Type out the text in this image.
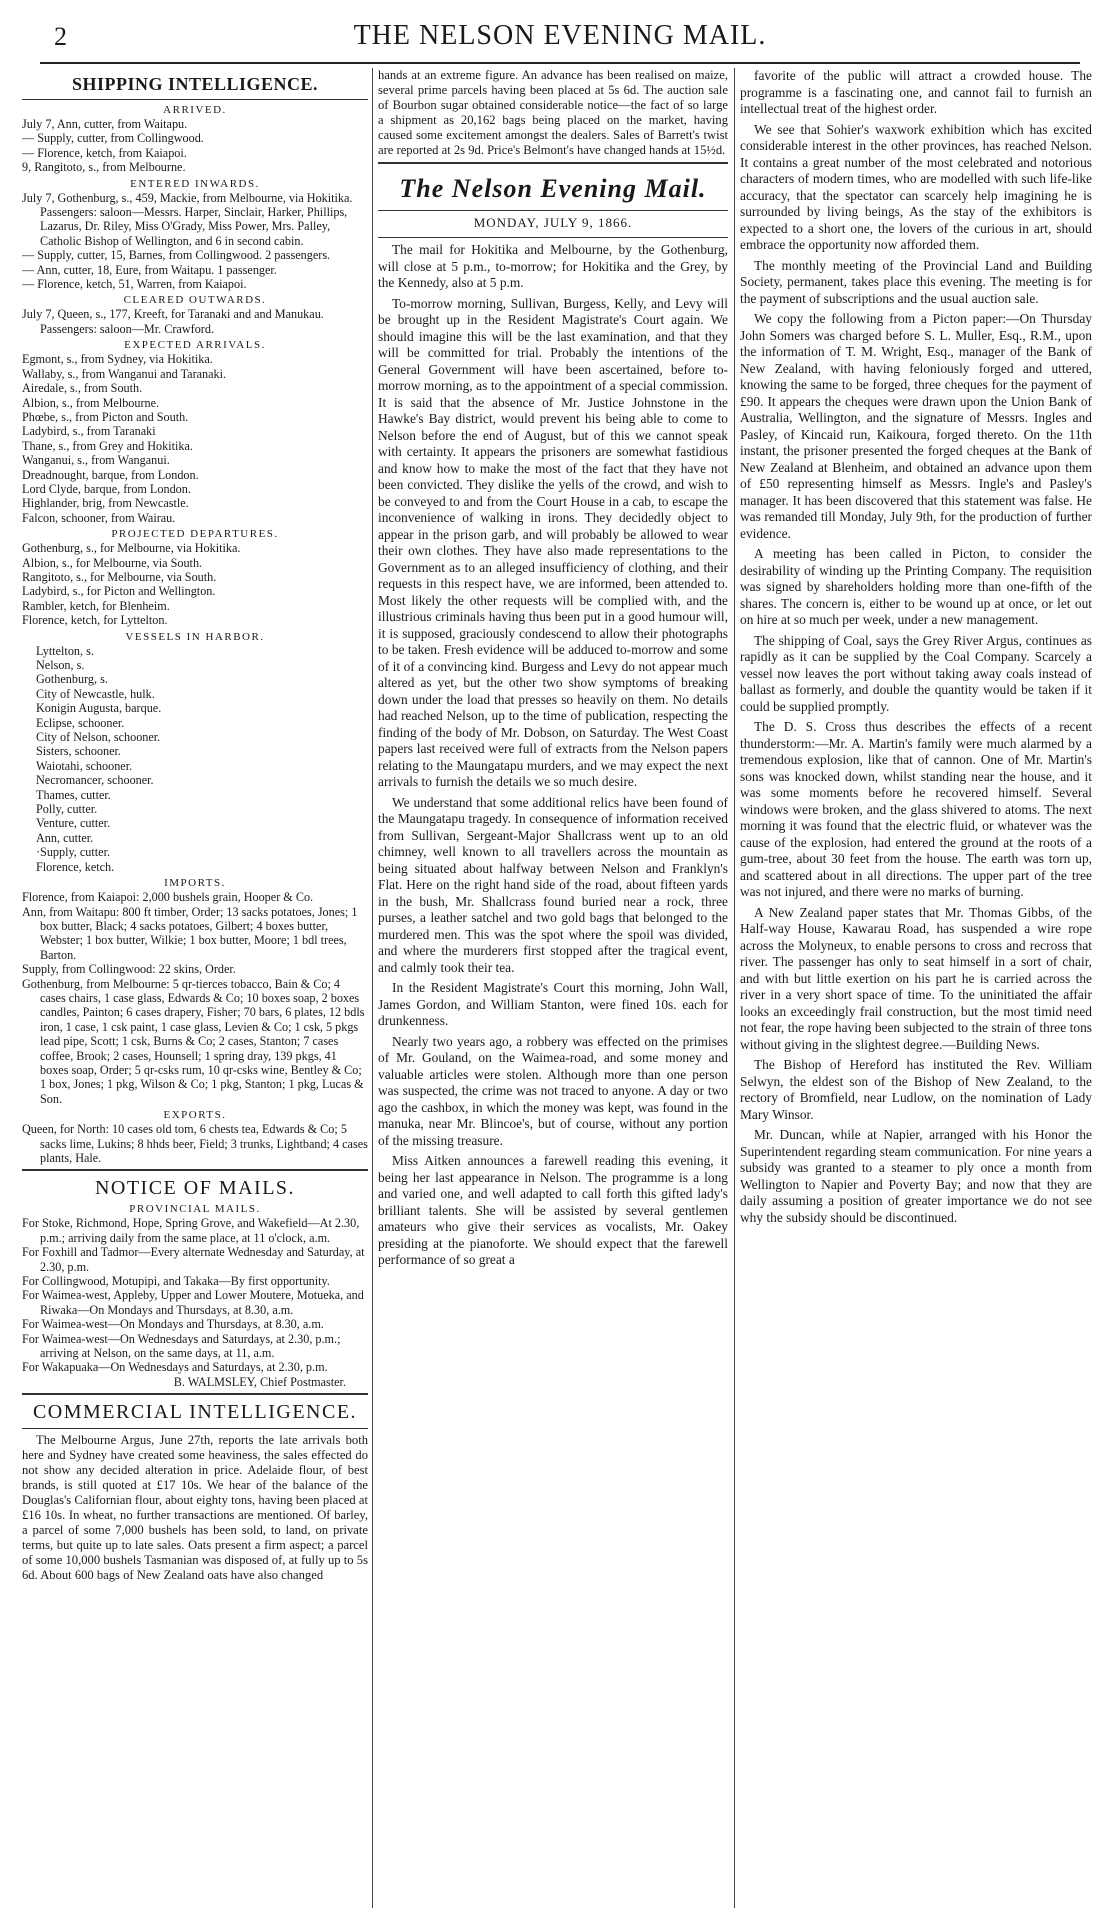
2	THE NELSON EVENING MAIL.
SHIPPING INTELLIGENCE.
ARRIVED.

July 7, Ann, cutter, from Waitapu.

— Supply, cutter, from Collingwood.

— Florence, ketch, from Kaiapoi.

9, Rangitoto, s., from Melbourne.

ENTERED INWARDS.

July 7, Gothenburg, s., 459, Mackie, from Melbourne, via Hokitika. Passengers: saloon—Messrs. Harper, Sinclair, Harker, Phillips, Lazarus, Dr. Riley, Miss O'Grady, Miss Power, Mrs. Palley, Catholic Bishop of Wellington, and 6 in second cabin.

— Supply, cutter, 15, Barnes, from Collingwood. 2 passengers.

— Ann, cutter, 18, Eure, from Waitapu. 1 passenger.

— Florence, ketch, 51, Warren, from Kaiapoi.

CLEARED OUTWARDS.

July 7, Queen, s., 177, Kreeft, for Taranaki and and Manukau. Passengers: saloon—Mr. Crawford.

EXPECTED ARRIVALS.

Egmont, s., from Sydney, via Hokitika.

Wallaby, s., from Wanganui and Taranaki.

Airedale, s., from South.

Albion, s., from Melbourne.

Phœbe, s., from Picton and South.

Ladybird, s., from Taranaki

Thane, s., from Grey and Hokitika.

Wanganui, s., from Wanganui.

Dreadnought, barque, from London.

Lord Clyde, barque, from London.

Highlander, brig, from Newcastle.

Falcon, schooner, from Wairau.

PROJECTED DEPARTURES.

Gothenburg, s., for Melbourne, via Hokitika.

Albion, s., for Melbourne, via South.

Rangitoto, s., for Melbourne, via South.

Ladybird, s., for Picton and Wellington.

Rambler, ketch, for Blenheim.

Florence, ketch, for Lyttelton.

VESSELS IN HARBOR.

Lyttelton, s.

Nelson, s.

Gothenburg, s.

City of Newcastle, hulk.

Konigin Augusta, barque.

Eclipse, schooner.

City of Nelson, schooner.

Sisters, schooner.

Waiotahi, schooner.

Necromancer, schooner.

Thames, cutter.

Polly, cutter.

Venture, cutter.

Ann, cutter.

·Supply, cutter.

Florence, ketch.

IMPORTS.

Florence, from Kaiapoi: 2,000 bushels grain, Hooper & Co.

Ann, from Waitapu: 800 ft timber, Order; 13 sacks potatoes, Jones; 1 box butter, Black; 4 sacks potatoes, Gilbert; 4 boxes butter, Webster; 1 box butter, Wilkie; 1 box butter, Moore; 1 bdl trees, Barton.

Supply, from Collingwood: 22 skins, Order.

Gothenburg, from Melbourne: 5 qr-tierces tobacco, Bain & Co; 4 cases chairs, 1 case glass, Edwards & Co; 10 boxes soap, 2 boxes candles, Painton; 6 cases drapery, Fisher; 70 bars, 6 plates, 12 bdls iron, 1 case, 1 csk paint, 1 case glass, Levien & Co; 1 csk, 5 pkgs lead pipe, Scott; 1 csk, Burns & Co; 2 cases, Stanton; 7 cases coffee, Brook; 2 cases, Hounsell; 1 spring dray, 139 pkgs, 41 boxes soap, Order; 5 qr-csks rum, 10 qr-csks wine, Bentley & Co; 1 box, Jones; 1 pkg, Wilson & Co; 1 pkg, Stanton; 1 pkg, Lucas & Son.

EXPORTS.

Queen, for North: 10 cases old tom, 6 chests tea, Edwards & Co; 5 sacks lime, Lukins; 8 hhds beer, Field; 3 trunks, Lightband; 4 cases plants, Hale.

NOTICE OF MAILS.
PROVINCIAL MAILS.

For Stoke, Richmond, Hope, Spring Grove, and Wakefield—At 2.30, p.m.; arriving daily from the same place, at 11 o'clock, a.m.

For Foxhill and Tadmor—Every alternate Wednesday and Saturday, at 2.30, p.m.

For Collingwood, Motupipi, and Takaka—By first opportunity.

For Waimea-west, Appleby, Upper and Lower Moutere, Motueka, and Riwaka—On Mondays and Thursdays, at 8.30, a.m.

For Waimea-west—On Mondays and Thursdays, at 8.30, a.m.

For Waimea-west—On Wednesdays and Saturdays, at 2.30, p.m.; arriving at Nelson, on the same days, at 11, a.m.

For Wakapuaka—On Wednesdays and Saturdays, at 2.30, p.m.

B. WALMSLEY, Chief Postmaster.

COMMERCIAL INTELLIGENCE.

The Melbourne Argus, June 27th, reports the late arrivals both here and Sydney have created some heaviness, the sales effected do not show any decided alteration in price. Adelaide flour, of best brands, is still quoted at £17 10s. We hear of the balance of the Douglas's Californian flour, about eighty tons, having been placed at £16 10s. In wheat, no further transactions are mentioned. Of barley, a parcel of some 7,000 bushels has been sold, to land, on private terms, but quite up to late sales. Oats present a firm aspect; a parcel of some 10,000 bushels Tasmanian was disposed of, at fully up to 5s 6d. About 600 bags of New Zealand oats have also changed

hands at an extreme figure. An advance has been realised on maize, several prime parcels having been placed at 5s 6d. The auction sale of Bourbon sugar obtained considerable notice—the fact of so large a shipment as 20,162 bags being placed on the market, having caused some excitement amongst the dealers. Sales of Barrett's twist are reported at 2s 9d. Price's Belmont's have changed hands at 15½d.

The Nelson Evening Mail.
MONDAY, JULY 9, 1866.

The mail for Hokitika and Melbourne, by the Gothenburg, will close at 5 p.m., to-morrow; for Hokitika and the Grey, by the Kennedy, also at 5 p.m.

To-morrow morning, Sullivan, Burgess, Kelly, and Levy will be brought up in the Resident Magistrate's Court again. We should imagine this will be the last examination, and that they will be committed for trial. Probably the intentions of the General Government will have been ascertained, before to-morrow morning, as to the appointment of a special commission. It is said that the absence of Mr. Justice Johnstone in the Hawke's Bay district, would prevent his being able to come to Nelson before the end of August, but of this we cannot speak with certainty. It appears the prisoners are somewhat fastidious and know how to make the most of the fact that they have not been convicted. They dislike the yells of the crowd, and wish to be conveyed to and from the Court House in a cab, to escape the inconvenience of walking in irons. They decidedly object to appear in the prison garb, and will probably be allowed to wear their own clothes. They have also made representations to the Government as to an alleged insufficiency of clothing, and their requests in this respect have, we are informed, been attended to. Most likely the other requests will be complied with, and the illustrious criminals having thus been put in a good humour will, it is supposed, graciously condescend to allow their photographs to be taken. Fresh evidence will be adduced to-morrow and some of it of a convincing kind. Burgess and Levy do not appear much altered as yet, but the other two show symptoms of breaking down under the load that presses so heavily on them. No details had reached Nelson, up to the time of publication, respecting the finding of the body of Mr. Dobson, on Saturday. The West Coast papers last received were full of extracts from the Nelson papers relating to the Maungatapu murders, and we may expect the next arrivals to furnish the details we so much desire.

We understand that some additional relics have been found of the Maungatapu tragedy. In consequence of information received from Sullivan, Sergeant-Major Shallcrass went up to an old chimney, well known to all travellers across the mountain as being situated about halfway between Nelson and Franklyn's Flat. Here on the right hand side of the road, about fifteen yards in the bush, Mr. Shallcrass found buried near a rock, three purses, a leather satchel and two gold bags that belonged to the murdered men. This was the spot where the spoil was divided, and where the murderers first stopped after the tragical event, and calmly took their tea.

In the Resident Magistrate's Court this morning, John Wall, James Gordon, and William Stanton, were fined 10s. each for drunkenness.

Nearly two years ago, a robbery was effected on the primises of Mr. Gouland, on the Waimea-road, and some money and valuable articles were stolen. Although more than one person was suspected, the crime was not traced to anyone. A day or two ago the cashbox, in which the money was kept, was found in the manuka, near Mr. Blincoe's, but of course, without any portion of the missing treasure.

Miss Aitken announces a farewell reading this evening, it being her last appearance in Nelson. The programme is a long and varied one, and well adapted to call forth this gifted lady's brilliant talents. She will be assisted by several gentlemen amateurs who give their services as vocalists, Mr. Oakey presiding at the pianoforte. We should expect that the farewell performance of so great a

favorite of the public will attract a crowded house. The programme is a fascinating one, and cannot fail to furnish an intellectual treat of the highest order.

We see that Sohier's waxwork exhibition which has excited considerable interest in the other provinces, has reached Nelson. It contains a great number of the most celebrated and notorious characters of modern times, who are modelled with such life-like accuracy, that the spectator can scarcely help imagining he is surrounded by living beings, As the stay of the exhibitors is expected to a short one, the lovers of the curious in art, should embrace the opportunity now afforded them.

The monthly meeting of the Provincial Land and Building Society, permanent, takes place this evening. The meeting is for the payment of subscriptions and the usual auction sale.

We copy the following from a Picton paper:—On Thursday John Somers was charged before S. L. Muller, Esq., R.M., upon the information of T. M. Wright, Esq., manager of the Bank of New Zealand, with having feloniously forged and uttered, knowing the same to be forged, three cheques for the payment of £90. It appears the cheques were drawn upon the Union Bank of Australia, Wellington, and the signature of Messrs. Ingles and Pasley, of Kincaid run, Kaikoura, forged thereto. On the 11th instant, the prisoner presented the forged cheques at the Bank of New Zealand at Blenheim, and obtained an advance upon them of £50 representing himself as Messrs. Ingle's and Pasley's manager. It has been discovered that this statement was false. He was remanded till Monday, July 9th, for the production of further evidence.

A meeting has been called in Picton, to consider the desirability of winding up the Printing Company. The requisition was signed by shareholders holding more than one-fifth of the shares. The concern is, either to be wound up at once, or let out on hire at so much per week, under a new management.

The shipping of Coal, says the Grey River Argus, continues as rapidly as it can be supplied by the Coal Company. Scarcely a vessel now leaves the port without taking away coals instead of ballast as formerly, and double the quantity would be taken if it could be supplied promptly.

The D. S. Cross thus describes the effects of a recent thunderstorm:—Mr. A. Martin's family were much alarmed by a tremendous explosion, like that of cannon. One of Mr. Martin's sons was knocked down, whilst standing near the house, and it was some moments before he recovered himself. Several windows were broken, and the glass shivered to atoms. The next morning it was found that the electric fluid, or whatever was the cause of the explosion, had entered the ground at the roots of a gum-tree, about 30 feet from the house. The earth was torn up, and scattered about in all directions. The upper part of the tree was not injured, and there were no marks of burning.

A New Zealand paper states that Mr. Thomas Gibbs, of the Half-way House, Kawarau Road, has suspended a wire rope across the Molyneux, to enable persons to cross and recross that river. The passenger has only to seat himself in a sort of chair, and with but little exertion on his part he is carried across the river in a very short space of time. To the uninitiated the affair looks an exceedingly frail construction, but the most timid need not fear, the rope having been subjected to the strain of three tons without giving in the slightest degree.—Building News.

The Bishop of Hereford has instituted the Rev. William Selwyn, the eldest son of the Bishop of New Zealand, to the rectory of Bromfield, near Ludlow, on the nomination of Lady Mary Winsor.

Mr. Duncan, while at Napier, arranged with his Honor the Superintendent regarding steam communication. For nine years a subsidy was granted to a steamer to ply once a month from Wellington to Napier and Poverty Bay; and now that they are daily assuming a position of greater importance we do not see why the subsidy should be discontinued.
